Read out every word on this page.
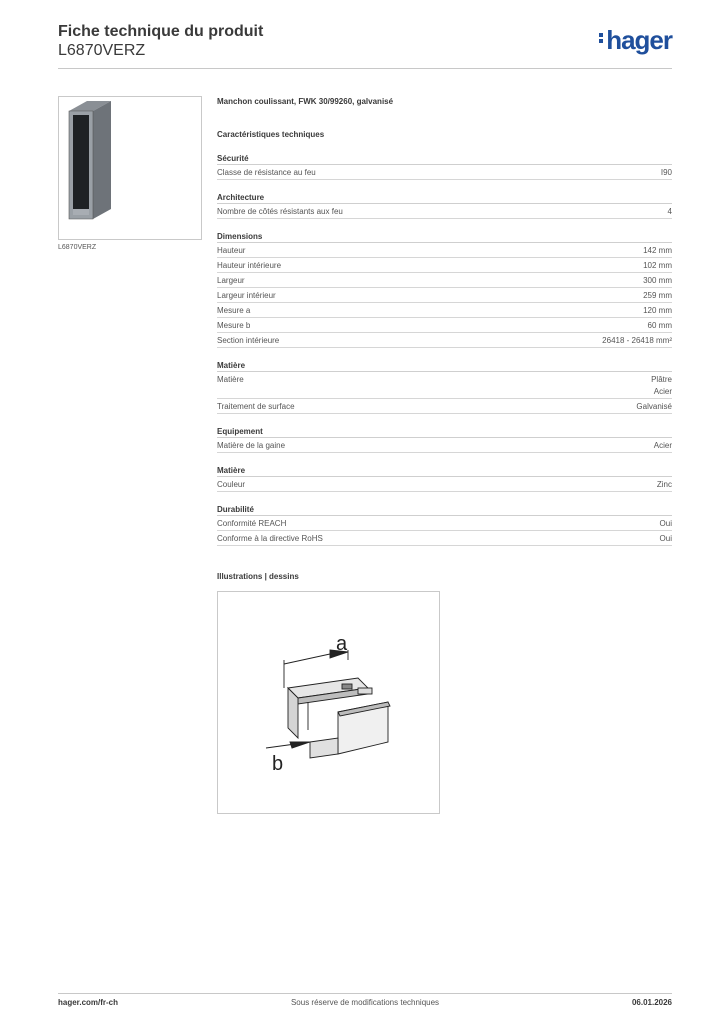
Fiche technique du produit
L6870VERZ	hager
L6870VERZ
Manchon coulissant, FWK 30/99260, galvanisé
Caractéristiques techniques
Sécurité
Classe de résistance au feu	I90
Architecture
Nombre de côtés résistants aux feu	4
Dimensions
Hauteur	142 mm
Hauteur intérieure	102 mm
Largeur	300 mm
Largeur intérieur	259 mm
Mesure a	120 mm
Mesure b	60 mm
Section intérieure	26418 - 26418 mm²
Matière
Matière	Plâtre
Acier
Traitement de surface	Galvanisé
Equipement
Matière de la gaine	Acier
Matière
Couleur	Zinc
Durabilité
Conformité REACH	Oui
Conforme à la directive RoHS	Oui
Illustrations | dessins
a
b
hager.com/fr-ch	Sous réserve de modifications techniques	06.01.2026
